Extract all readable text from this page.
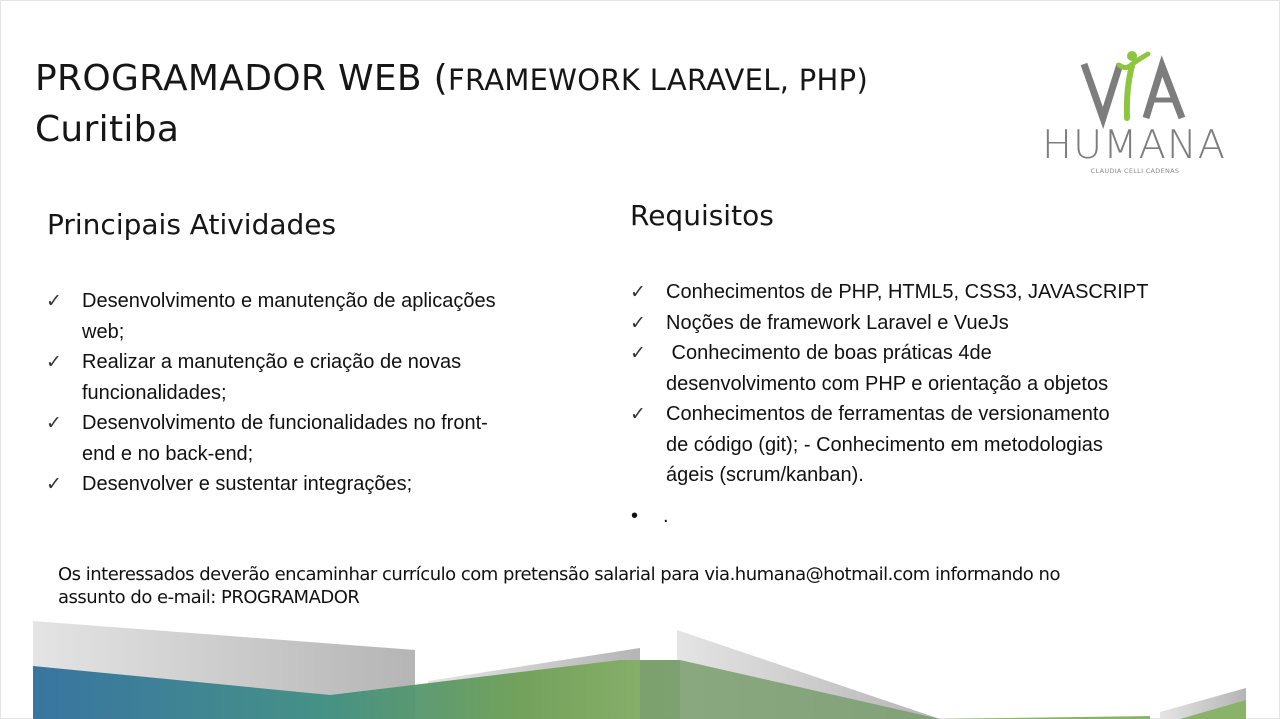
PROGRAMADOR WEB (FRAMEWORK LARAVEL, PHP)
Curitiba	HUMANA
CLAUDIA CELLI CADENAS
Principais Atividades
✓ Desenvolvimento e manutenção de aplicações
web;
✓ Realizar a manutenção e criação de novas
funcionalidades;
✓ Desenvolvimento de funcionalidades no front-
end e no back-end;
✓ Desenvolver e sustentar integrações;
Requisitos
✓ Conhecimentos de PHP, HTML5, CSS3, JAVASCRIPT
✓ Noções de framework Laravel e VueJs
✓ Conhecimento de boas práticas 4de
desenvolvimento com PHP e orientação a objetos
✓ Conhecimentos de ferramentas de versionamento
de código (git); - Conhecimento em metodologias
ágeis (scrum/kanban).
• .

Os interessados deverão encaminhar currículo com pretensão salarial para via.humana@hotmail.com informando no
assunto do e-mail: PROGRAMADOR
